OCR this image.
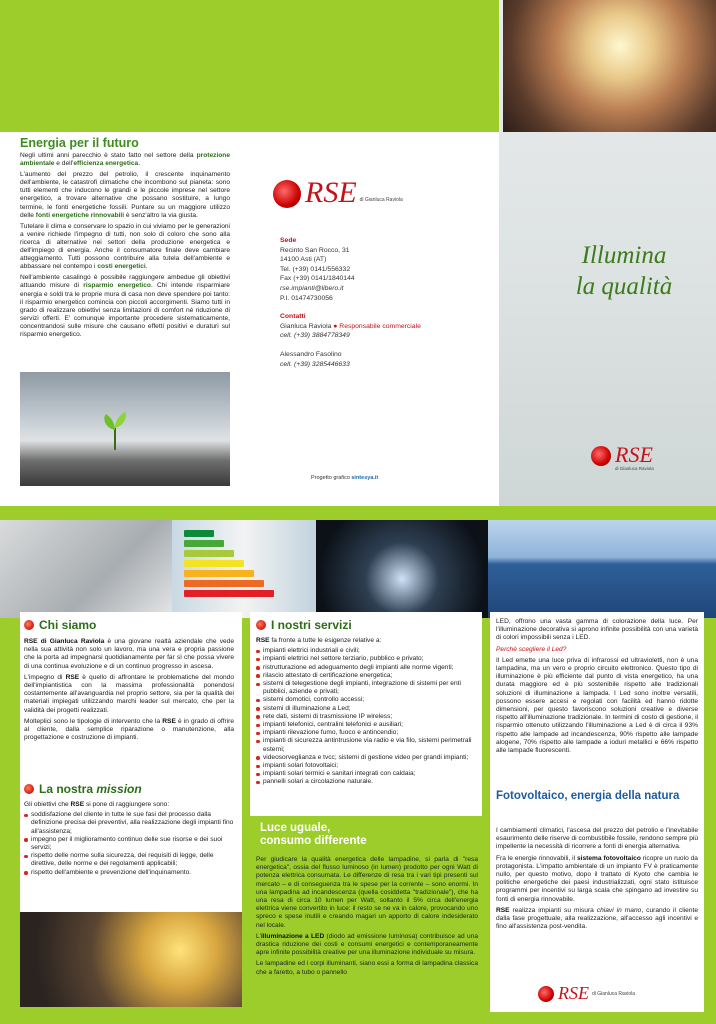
Energia per il futuro

Negli ultimi anni parecchio è stato fatto nel settore della protezione ambientale e dell'efficienza energetica.

L'aumento del prezzo del petrolio, il crescente inquinamento dell'ambiente, le catastrofi climatiche che incombono sul pianeta: sono tutti elementi che inducono le grandi e le piccole imprese nel settore energetico, a trovare alternative che possano sostituire, a lungo termine, le fonti energetiche fossili. Puntare su un maggiore utilizzo delle fonti energetiche rinnovabili è senz'altro la via giusta.

Tutelare il clima e conservare lo spazio in cui viviamo per le generazioni a venire richiede l'impegno di tutti, non solo di coloro che sono alla ricerca di alternative nei settori della produzione energetica e dell'impiego di energia. Anche il consumatore finale deve cambiare atteggiamento. Tutti possono contribuire alla tutela dell'ambiente e abbassare nel contempo i costi energetici.

Nell'ambiente casalingo è possibile raggiungere ambedue gli obiettivi attuando misure di risparmio energetico. Chi intende risparmiare energia e soldi tra le proprie mura di casa non deve spendere poi tanto: il risparmio energetico comincia con piccoli accorgimenti. Siamo tutti in grado di realizzare obiettivi senza limitazioni di comfort né riduzione di servizi offerti. E' comunque importante procedere sistematicamente, concentrandosi sulle misure che causano effetti positivi e duraturi sul risparmio energetico.

RSE di Gianluca Raviola
Sede
Recinto San Rocco, 31
14100 Asti (AT)
Tel. (+39) 0141/556332
Fax (+39) 0141/1840144
rse.impianti@libero.it
P.I. 01474730056
Contatti
Gianluca Raviola ● Responsabile commerciale
cell. (+39) 3884778349
Alessandro Fasolino
cell. (+39) 3285446633
Progetto grafico sintesya.it
Illumina
la qualità
RSE
di Gianluca Raviola
Chi siamo

RSE di Gianluca Raviola è una giovane realtà aziendale che vede nella sua attività non solo un lavoro, ma una vera e propria passione che la porta ad impegnarsi quotidianamente per far sì che possa vivere di una continua evoluzione e di un continuo progresso in ascesa.

L'impegno di RSE è quello di affrontare le problematiche del mondo dell'impiantistica con la massima professionalità ponendosi costantemente all'avanguardia nel proprio settore, sia per la qualità dei materiali impiegati utilizzando marchi leader sul mercato, che per la validità dei progetti realizzati.

Molteplici sono le tipologie di intervento che la RSE è in grado di offrire al cliente, dalla semplice riparazione o manutenzione, alla progettazione e costruzione di impianti.

La nostra
mission
Gli obiettivi che RSE si pone di raggiungere sono:
soddisfazione del cliente in tutte le sue fasi del processo dalla definizione precisa dei preventivi, alla realizzazione degli impianti fino all'assistenza;
impegno per il miglioramento continuo delle sue risorse e dei suoi servizi;
rispetto delle norme sulla sicurezza, dei requisiti di legge, delle direttive, delle norme e dei regolamenti applicabili;
rispetto dell'ambiente e prevenzione dell'inquinamento.
I nostri servizi
RSE fa fronte a tutte le esigenze relative a:
impianti elettrici industriali e civili;
impianti elettrici nel settore terziario, pubblico e privato;
ristrutturazione ed adeguamento degli impianti alle norme vigenti;
rilascio attestato di certificazione energetica;
sistemi di telegestione degli impianti, integrazione di sistemi per enti pubblici, aziende e privati;
sistemi domotici, controllo accessi;
sistemi di illuminazione a Led;
rete dati, sistemi di trasmissione IP wireless;
impianti telefonici, centralini telefonici e ausiliari;
impianti rilevazione fumo, fuoco e antincendio;
impianti di sicurezza antintrusione via radio e via filo, sistemi perimetrali esterni;
videosorveglianza e tvcc; sistemi di gestione video per grandi impianti;
impianti solari fotovoltaici;
impianti solari termici e sanitari integrati con caldaia;
pannelli solari a circolazione naturale.
Luce uguale,
consumo differente

Per giudicare la qualità energetica delle lampadine, si parla di "resa energetica", ossia del flusso luminoso (in lumen) prodotto per ogni Watt di potenza elettrica consumata. Le differenze di resa tra i vari tipi presenti sul mercato – e di conseguenza tra le spese per la corrente – sono enormi. In una lampadina ad incandescenza (quella cosiddetta "tradizionale"), che ha una resa di circa 10 lumen per Watt, soltanto il 5% circa dell'energia elettrica viene convertito in luce: il resto se ne va in calore, provocando uno spreco e spese inutili e creando magari un apporto di calore indesiderato nel locale.

L'illuminazione a LED (diodo ad emissione luminosa) contribuisce ad una drastica riduzione dei costi e consumi energetici e contemporaneamente apre infinite possibilità creative per una illuminazione individuale su misura.

Le lampadine ed i corpi illuminanti, siano essi a forma di lampadina classica che a faretto, a tubo o pannello

LED, offrono una vasta gamma di colorazione della luce. Per l'illuminazione decorativa si aprono infinite possibilità con una varietà di colori impossibili senza i LED.

Perchè scegliere il Led?

Il Led emette una luce priva di infrarossi ed ultravioletti, non è una lampadina, ma un vero e proprio circuito elettronico. Questo tipo di illuminazione è più efficiente dal punto di vista energetico, ha una durata maggiore ed è più sostenibile rispetto alle tradizionali soluzioni di illuminazione a lampada. I Led sono inoltre versatili, possono essere accesi e regolati con facilità ed hanno ridotte dimensioni, per questo favoriscono soluzioni creative e diverse rispetto all'illuminazione tradizionale. In termini di costo di gestione, il risparmio ottenuto utilizzando l'illuminazione a Led è di circa il 93% rispetto alle lampade ad incandescenza, 90% rispetto alle lampade alogene, 70% rispetto alle lampade a ioduri metallici e 66% rispetto alle lampade fluorescenti.

Fotovoltaico, energia della natura

I cambiamenti climatici, l'ascesa del prezzo del petrolio e l'inevitabile esaurimento delle riserve di combustibile fossile, rendono sempre più impellente la necessità di ricorrere a fonti di energia alternativa.

Fra le energie rinnovabili, il sistema fotovoltaico ricopre un ruolo da protagonista. L'impatto ambientale di un impianto FV è praticamente nullo, per questo motivo, dopo il trattato di Kyoto che cambia le politiche energetiche dei paesi industrializzati, ogni stato istituisce programmi per incentivi su larga scala che spingano ad investire su fonti di energia rinnovabile.

RSE realizza impianti su misura chiavi in mano, curando il cliente dalla fase progettuale, alla realizzazione, all'accesso agli incentivi e fino all'assistenza post-vendita.

RSE di Gianluca Raviola
